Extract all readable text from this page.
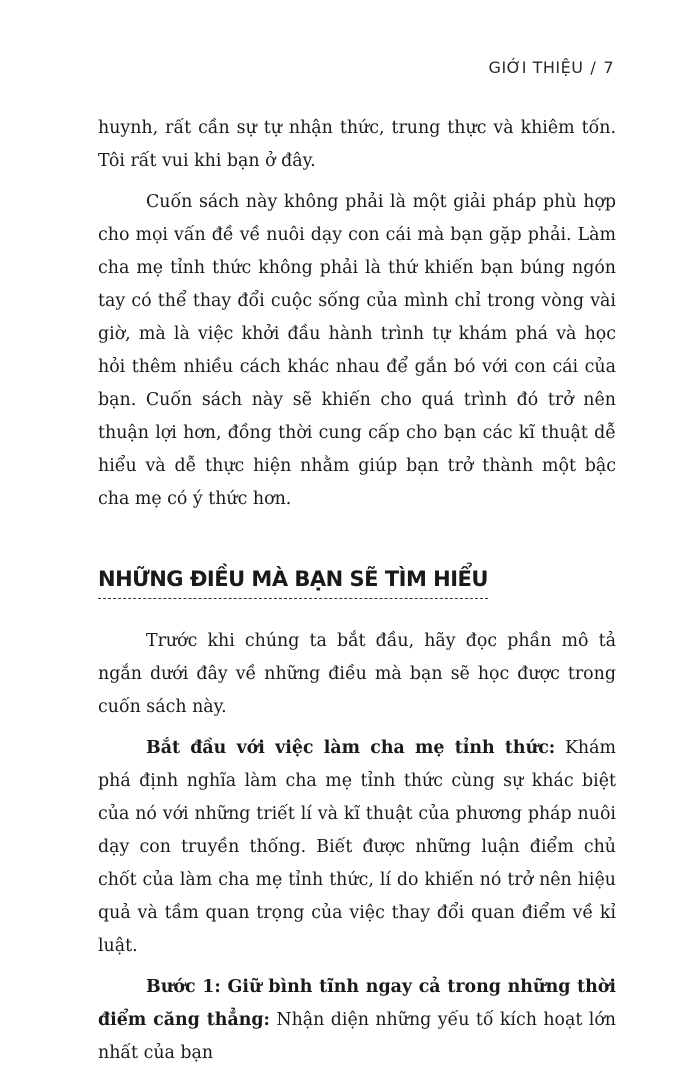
GIỚI THIỆU / 7

huynh, rất cần sự tự nhận thức, trung thực và khiêm tốn. Tôi rất vui khi bạn ở đây.

Cuốn sách này không phải là một giải pháp phù hợp cho mọi vấn đề về nuôi dạy con cái mà bạn gặp phải. Làm cha mẹ tỉnh thức không phải là thứ khiến bạn búng ngón tay có thể thay đổi cuộc sống của mình chỉ trong vòng vài giờ, mà là việc khởi đầu hành trình tự khám phá và học hỏi thêm nhiều cách khác nhau để gắn bó với con cái của bạn. Cuốn sách này sẽ khiến cho quá trình đó trở nên thuận lợi hơn, đồng thời cung cấp cho bạn các kĩ thuật dễ hiểu và dễ thực hiện nhằm giúp bạn trở thành một bậc cha mẹ có ý thức hơn.

NHỮNG ĐIỀU MÀ BẠN SẼ TÌM HIỂU

Trước khi chúng ta bắt đầu, hãy đọc phần mô tả ngắn dưới đây về những điều mà bạn sẽ học được trong cuốn sách này.

Bắt đầu với việc làm cha mẹ tỉnh thức: Khám phá định nghĩa làm cha mẹ tỉnh thức cùng sự khác biệt của nó với những triết lí và kĩ thuật của phương pháp nuôi dạy con truyền thống. Biết được những luận điểm chủ chốt của làm cha mẹ tỉnh thức, lí do khiến nó trở nên hiệu quả và tầm quan trọng của việc thay đổi quan điểm về kỉ luật.

Bước 1: Giữ bình tĩnh ngay cả trong những thời điểm căng thẳng: Nhận diện những yếu tố kích hoạt lớn nhất của bạn
